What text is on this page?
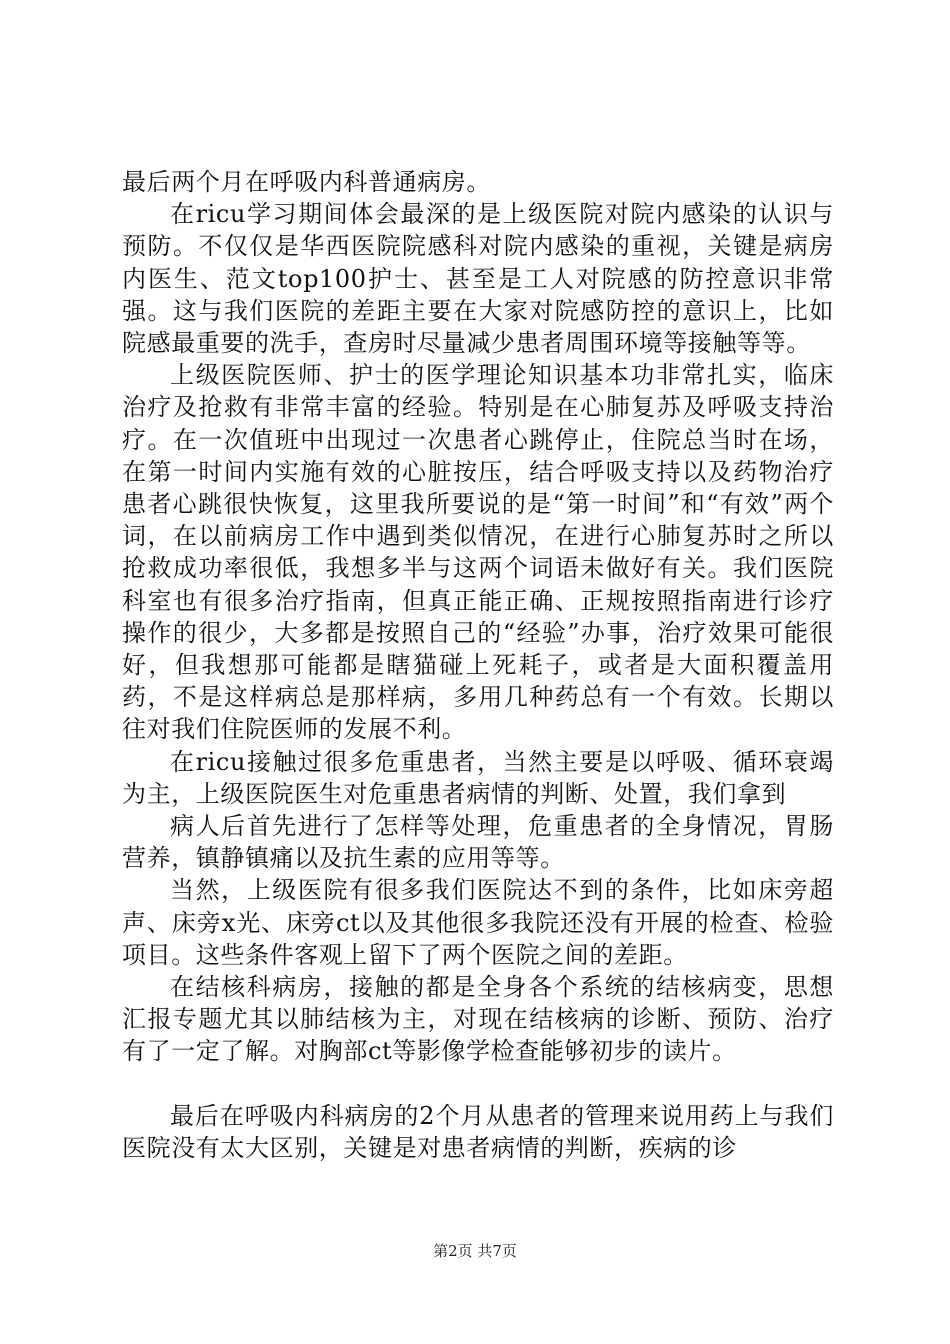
最后两个月在呼吸内科普通病房。

在ricu学习期间体会最深的是上级医院对院内感染的认识与预防。不仅仅是华西医院院感科对院内感染的重视，关键是病房内医生、范文top100护士、甚至是工人对院感的防控意识非常强。这与我们医院的差距主要在大家对院感防控的意识上，比如院感最重要的洗手，查房时尽量减少患者周围环境等接触等等。

上级医院医师、护士的医学理论知识基本功非常扎实，临床治疗及抢救有非常丰富的经验。特别是在心肺复苏及呼吸支持治疗。在一次值班中出现过一次患者心跳停止，住院总当时在场，在第一时间内实施有效的心脏按压，结合呼吸支持以及药物治疗患者心跳很快恢复，这里我所要说的是“第一时间”和“有效”两个词，在以前病房工作中遇到类似情况，在进行心肺复苏时之所以抢救成功率很低，我想多半与这两个词语未做好有关。我们医院科室也有很多治疗指南，但真正能正确、正规按照指南进行诊疗操作的很少，大多都是按照自己的“经验”办事，治疗效果可能很好，但我想那可能都是瞎猫碰上死耗子，或者是大面积覆盖用药，不是这样病总是那样病，多用几种药总有一个有效。长期以往对我们住院医师的发展不利。

在ricu接触过很多危重患者，当然主要是以呼吸、循环衰竭为主，上级医院医生对危重患者病情的判断、处置，我们拿到

病人后首先进行了怎样等处理，危重患者的全身情况，胃肠营养，镇静镇痛以及抗生素的应用等等。

当然，上级医院有很多我们医院达不到的条件，比如床旁超声、床旁x光、床旁ct以及其他很多我院还没有开展的检查、检验项目。这些条件客观上留下了两个医院之间的差距。

在结核科病房，接触的都是全身各个系统的结核病变，思想汇报专题尤其以肺结核为主，对现在结核病的诊断、预防、治疗有了一定了解。对胸部ct等影像学检查能够初步的读片。

最后在呼吸内科病房的2个月从患者的管理来说用药上与我们医院没有太大区别，关键是对患者病情的判断，疾病的诊

第2页 共7页
